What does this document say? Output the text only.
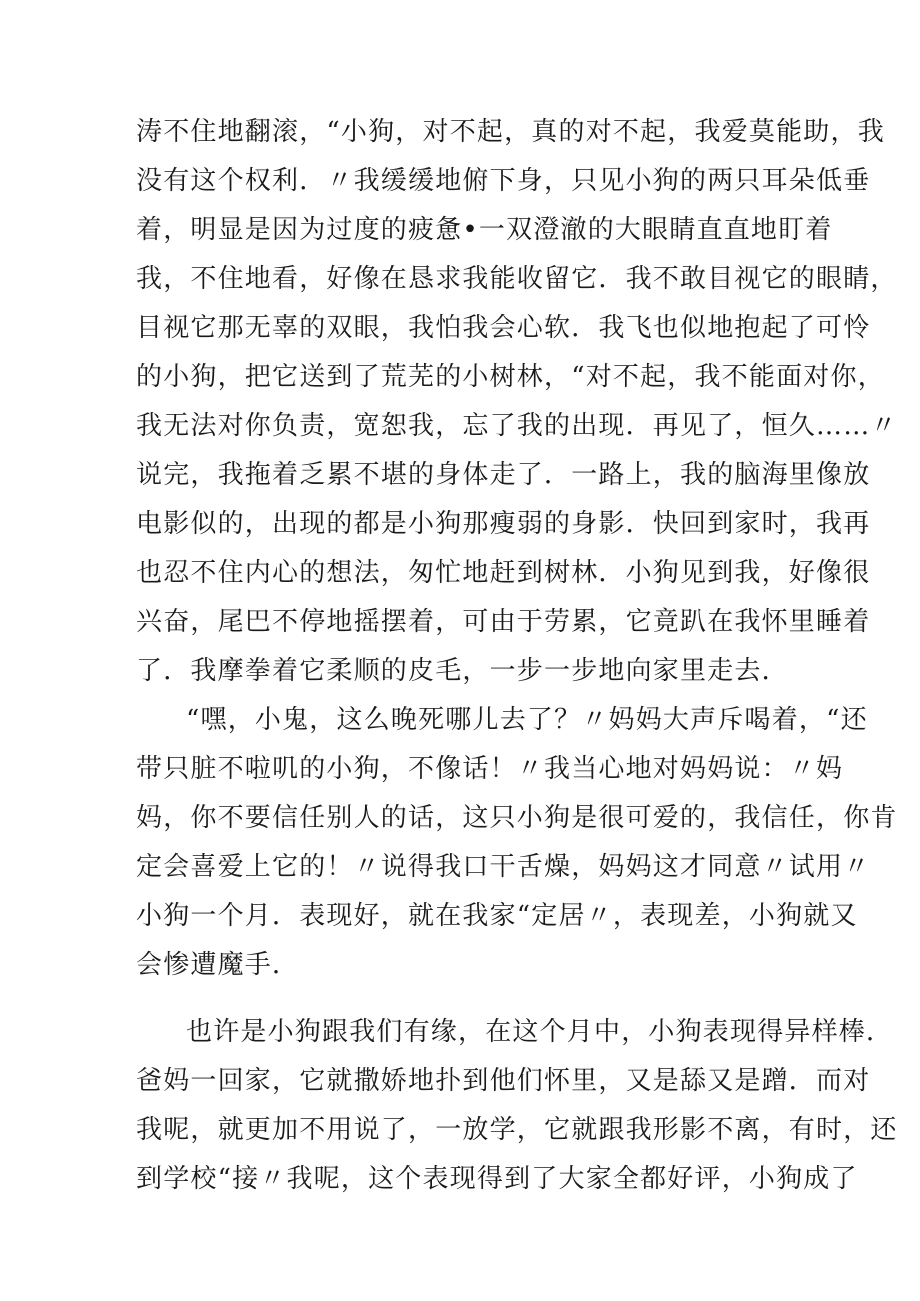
涛不住地翻滚，“小狗，对不起，真的对不起，我爱莫能助，我
没有这个权利．〃我缓缓地俯下身，只见小狗的两只耳朵低垂
着，明显是因为过度的疲惫•一双澄澈的大眼睛直直地盯着
我，不住地看，好像在恳求我能收留它．我不敢目视它的眼睛，
目视它那无辜的双眼，我怕我会心软．我飞也似地抱起了可怜
的小狗，把它送到了荒芜的小树林，“对不起，我不能面对你，
我无法对你负责，宽恕我，忘了我的出现．再见了，恒久……〃
说完，我拖着乏累不堪的身体走了．一路上，我的脑海里像放
电影似的，出现的都是小狗那瘦弱的身影．快回到家时，我再
也忍不住内心的想法，匆忙地赶到树林．小狗见到我，好像很
兴奋，尾巴不停地摇摆着，可由于劳累，它竟趴在我怀里睡着
了．我摩拳着它柔顺的皮毛，一步一步地向家里走去．
“嘿，小鬼，这么晚死哪儿去了？〃妈妈大声斥喝着，“还
带只脏不啦叽的小狗，不像话！〃我当心地对妈妈说：〃妈
妈，你不要信任别人的话，这只小狗是很可爱的，我信任，你肯
定会喜爱上它的！〃说得我口干舌燥，妈妈这才同意〃试用〃
小狗一个月．表现好，就在我家“定居〃，表现差，小狗就又
会惨遭魔手．
也许是小狗跟我们有缘，在这个月中，小狗表现得异样棒．
爸妈一回家，它就撒娇地扑到他们怀里，又是舔又是蹭．而对
我呢，就更加不用说了，一放学，它就跟我形影不离，有时，还
到学校“接〃我呢，这个表现得到了大家全都好评，小狗成了
